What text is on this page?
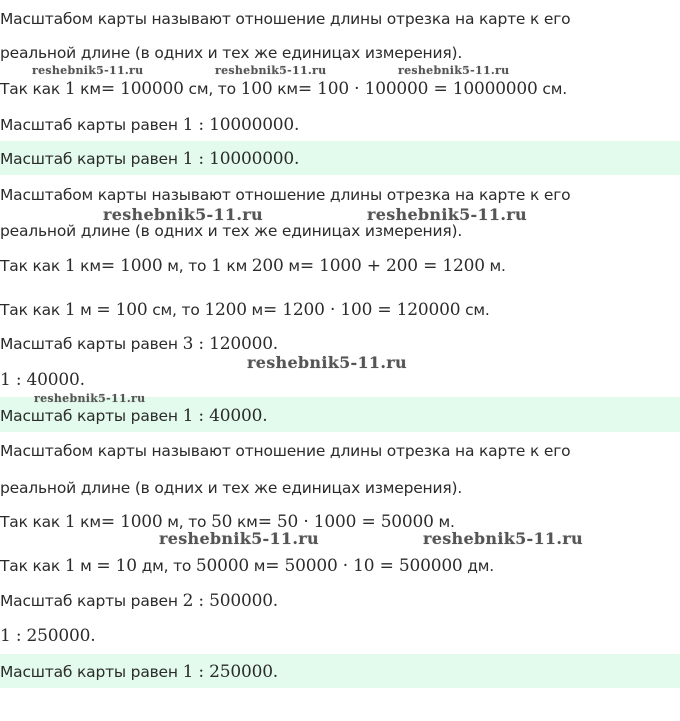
Масштабом карты называют отношение длины отрезка на карте к его
реальной длине (в одних и тех же единицах измерения).
Так как 1 км= 100000 см, то 100 км= 100 · 100000 = 10000000 см.
Масштаб карты равен 1 : 10000000.
Масштаб карты равен 1 : 10000000.
Масштабом карты называют отношение длины отрезка на карте к его
реальной длине (в одних и тех же единицах измерения).
Так как 1 км= 1000 м, то 1 км 200 м= 1000 + 200 = 1200 м.
Так как 1 м = 100 см, то 1200 м= 1200 · 100 = 120000 см.
Масштаб карты равен 3 : 120000.
1 : 40000.
Масштаб карты равен 1 : 40000.
Масштабом карты называют отношение длины отрезка на карте к его
реальной длине (в одних и тех же единицах измерения).
Так как 1 км= 1000 м, то 50 км= 50 · 1000 = 50000 м.
Так как 1 м = 10 дм, то 50000 м= 50000 · 10 = 500000 дм.
Масштаб карты равен 2 : 500000.
1 : 250000.
Масштаб карты равен 1 : 250000.
reshebnik5-11.ru	reshebnik5-11.ru	reshebnik5-11.ru
reshebnik5-11.ru	reshebnik5-11.ru
reshebnik5-11.ru
reshebnik5-11.ru
reshebnik5-11.ru	reshebnik5-11.ru
